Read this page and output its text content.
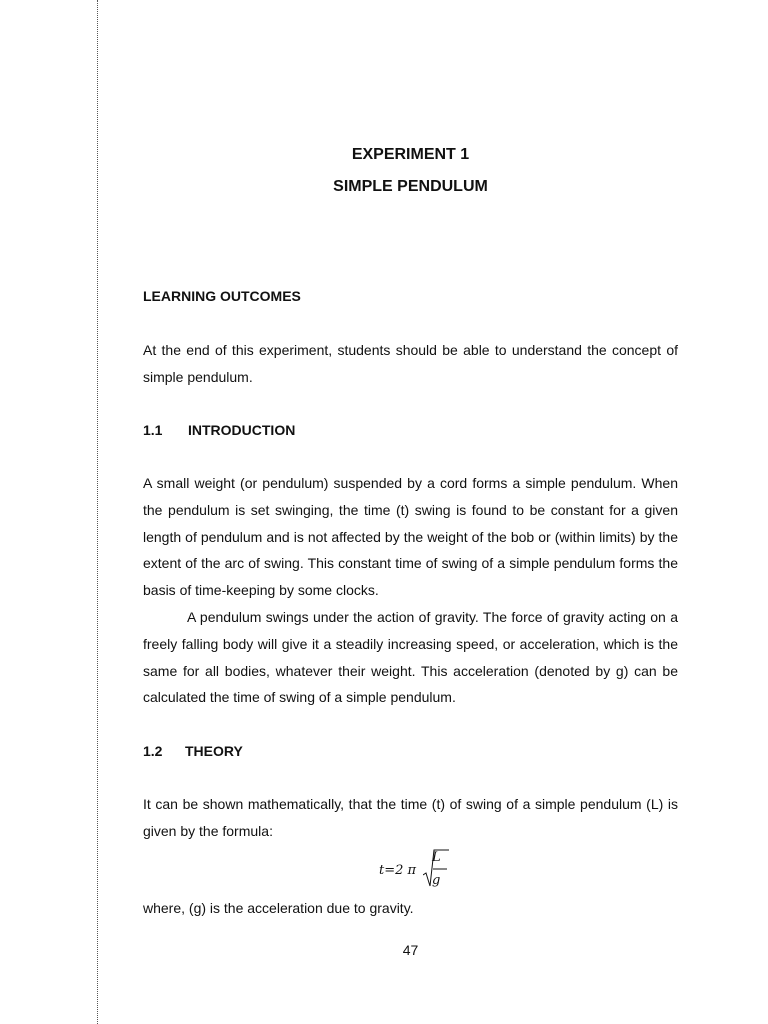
EXPERIMENT 1
SIMPLE PENDULUM
LEARNING OUTCOMES

At the end of this experiment, students should be able to understand the concept of simple pendulum.

1.1 INTRODUCTION

A small weight (or pendulum) suspended by a cord forms a simple pendulum. When the pendulum is set swinging, the time (t) swing is found to be constant for a given length of pendulum and is not affected by the weight of the bob or (within limits) by the extent of the arc of swing. This constant time of swing of a simple pendulum forms the basis of time-keeping by some clocks.

A pendulum swings under the action of gravity. The force of gravity acting on a freely falling body will give it a steadily increasing speed, or acceleration, which is the same for all bodies, whatever their weight. This acceleration (denoted by g) can be calculated the time of swing of a simple pendulum.

1.2 THEORY

It can be shown mathematically, that the time (t) of swing of a simple pendulum (L) is given by the formula:

t=2 π
L
g

where, (g) is the acceleration due to gravity.

47
